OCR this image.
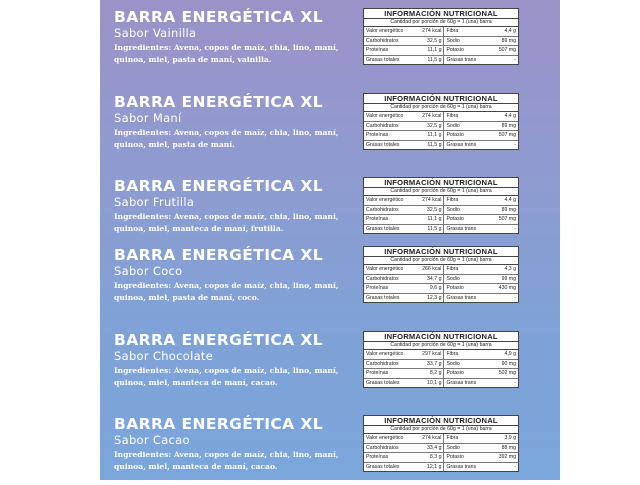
BARRA ENERGÉTICA XL
Sabor Vainilla
Ingredientes: Avena, copos de maíz, chia, lino, maní, quinoa, miel, pasta de maní, vainilla.
INFORMACIÓN NUTRICIONAL
Cantidad por porción de 60g = 1 (una) barra
Valor energético	274 kcal Fibra	4,4 g
Carbohidratos	32,5 g Sodio	89 mg
Proteínas	11,1 g Potasio	507 mg
Grasas totales	11,5 g Grasas trans	-
BARRA ENERGÉTICA XL
Sabor Maní
Ingredientes: Avena, copos de maíz, chia, lino, maní, quinoa, miel, pasta de maní.
INFORMACIÓN NUTRICIONAL
Cantidad por porción de 60g = 1 (una) barra
Valor energético	274 kcal Fibra	4,4 g
Carbohidratos	32,5 g Sodio	89 mg
Proteínas	11,1 g Potasio	507 mg
Grasas totales	11,5 g Grasas trans	-
BARRA ENERGÉTICA XL
Sabor Frutilla
Ingredientes: Avena, copos de maíz, chia, lino, maní, quinoa, miel, manteca de maní, frutilla.
INFORMACIÓN NUTRICIONAL
Cantidad por porción de 60g = 1 (una) barra
Valor energético	274 kcal Fibra	4,4 g
Carbohidratos	32,5 g Sodio	89 mg
Proteínas	11,1 g Potasio	507 mg
Grasas totales	11,5 g Grasas trans	-
BARRA ENERGÉTICA XL
Sabor Coco
Ingredientes: Avena, copos de maíz, chia, lino, maní, quinoa, miel, pasta de maní, coco.
INFORMACIÓN NUTRICIONAL
Cantidad por porción de 60g = 1 (una) barra
Valor energético	266 kcal Fibra	4,3 g
Carbohidratos	34,7 g Sodio	99 mg
Proteínas	9,6 g Potasio	430 mg
Grasas totales	12,3 g Grasas trans	-
BARRA ENERGÉTICA XL
Sabor Chocolate
Ingredientes: Avena, copos de maíz, chia, lino, maní, quinoa, miel, manteca de maní, cacao.
INFORMACIÓN NUTRICIONAL
Cantidad por porción de 60g = 1 (una) barra
Valor energético	297 kcal Fibra	4,9 g
Carbohidratos	33,7 g Sodio	90 mg
Proteínas	8,2 g Potasio	502 mg
Grasas totales	10,1 g Grasas trans	-
BARRA ENERGÉTICA XL
Sabor Cacao
Ingredientes: Avena, copos de maíz, chia, lino, maní, quinoa, miel, manteca de maní, cacao.
INFORMACIÓN NUTRICIONAL
Cantidad por porción de 60g = 1 (una) barra
Valor energético	274 kcal Fibra	3,9 g
Carbohidratos	33,4 g Sodio	88 mg
Proteínas	8,3 g Potasio	392 mg
Grasas totales	12,1 g Grasas trans	-
